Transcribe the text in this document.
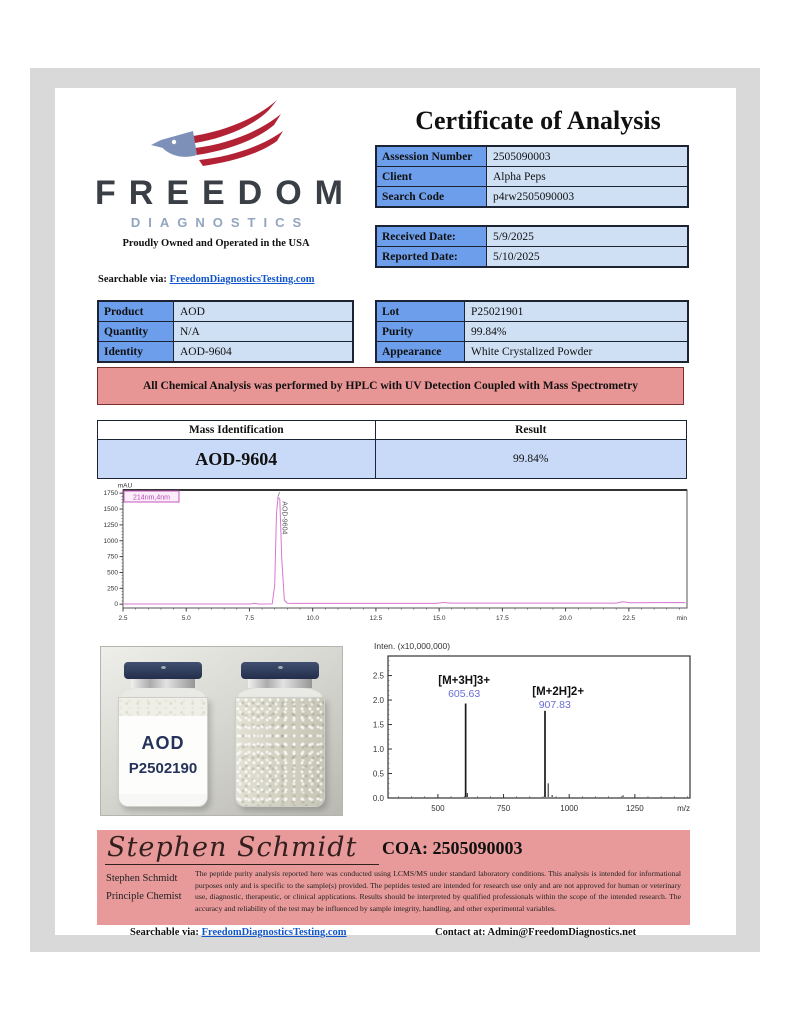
FREEDOM
DIAGNOSTICS
Proudly Owned and Operated in the USA
Searchable via: FreedomDiagnosticsTesting.com
Certificate of Analysis
Assession Number	2505090003
Client	Alpha Peps
Search Code	p4rw2505090003
Received Date:	5/9/2025
Reported Date:	5/10/2025
Product	AOD
Quantity	N/A
Identity	AOD-9604
Lot	P25021901
Purity	99.84%
Appearance	White Crystalized Powder
All Chemical Analysis was performed by HPLC with UV Detection Coupled with Mass Spectrometry
Mass Identification	Result
AOD-9604	99.84%
0
250
500
750
1000
1250
1500
1750
2.5	5.0	7.5	10.0	12.5	15.0	17.5	20.0	22.5	min
mAU
AOD-9604
214nm,4nm
AOD
P2502190
Inten. (x10,000,000)
0.0
0.5
1.0
1.5
2.0
2.5
500	750	1000	1250	m/z
[M+3H]3+
605.63	[M+2H]2+
907.83
Stephen Schmidt	COA: 2505090003
Stephen Schmidt
Principle Chemist
The peptide purity analysis reported here was conducted using LCMS/MS under standard laboratory conditions. This analysis is intended for informational purposes only and is specific to the sample(s) provided. The peptides tested are intended for research use only and are not approved for human or veterinary use, diagnostic, therapeutic, or clinical applications. Results should be interpreted by qualified professionals within the scope of the intended research. The accuracy and reliability of the test may be influenced by sample integrity, handling, and other experimental variables.
Searchable via: FreedomDiagnosticsTesting.com	Contact at: Admin@FreedomDiagnostics.net
